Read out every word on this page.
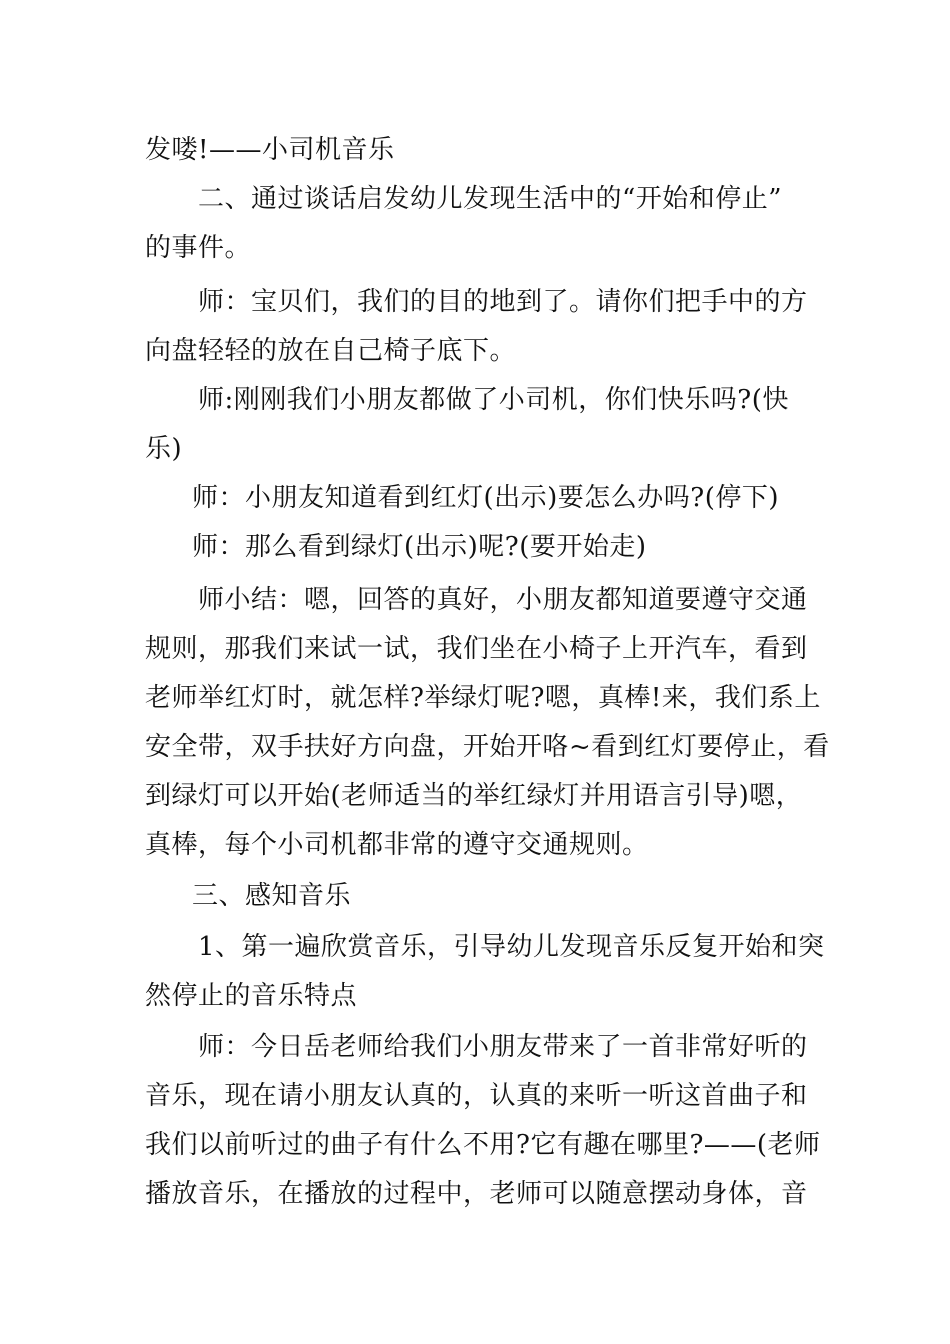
发喽!——小司机音乐
二、通过谈话启发幼儿发现生活中的“开始和停止”
的事件。
师：宝贝们，我们的目的地到了。请你们把手中的方
向盘轻轻的放在自己椅子底下。
师:刚刚我们小朋友都做了小司机，你们快乐吗?(快
乐)
师：小朋友知道看到红灯(出示)要怎么办吗?(停下)
师：那么看到绿灯(出示)呢?(要开始走)
师小结：嗯，回答的真好，小朋友都知道要遵守交通
规则，那我们来试一试，我们坐在小椅子上开汽车，看到
老师举红灯时，就怎样?举绿灯呢?嗯，真棒!来，我们系上
安全带，双手扶好方向盘，开始开咯~看到红灯要停止，看
到绿灯可以开始(老师适当的举红绿灯并用语言引导)嗯，
真棒，每个小司机都非常的遵守交通规则。
三、感知音乐
1、第一遍欣赏音乐，引导幼儿发现音乐反复开始和突
然停止的音乐特点
师：今日岳老师给我们小朋友带来了一首非常好听的
音乐，现在请小朋友认真的，认真的来听一听这首曲子和
我们以前听过的曲子有什么不用?它有趣在哪里?——(老师
播放音乐，在播放的过程中，老师可以随意摆动身体，音
